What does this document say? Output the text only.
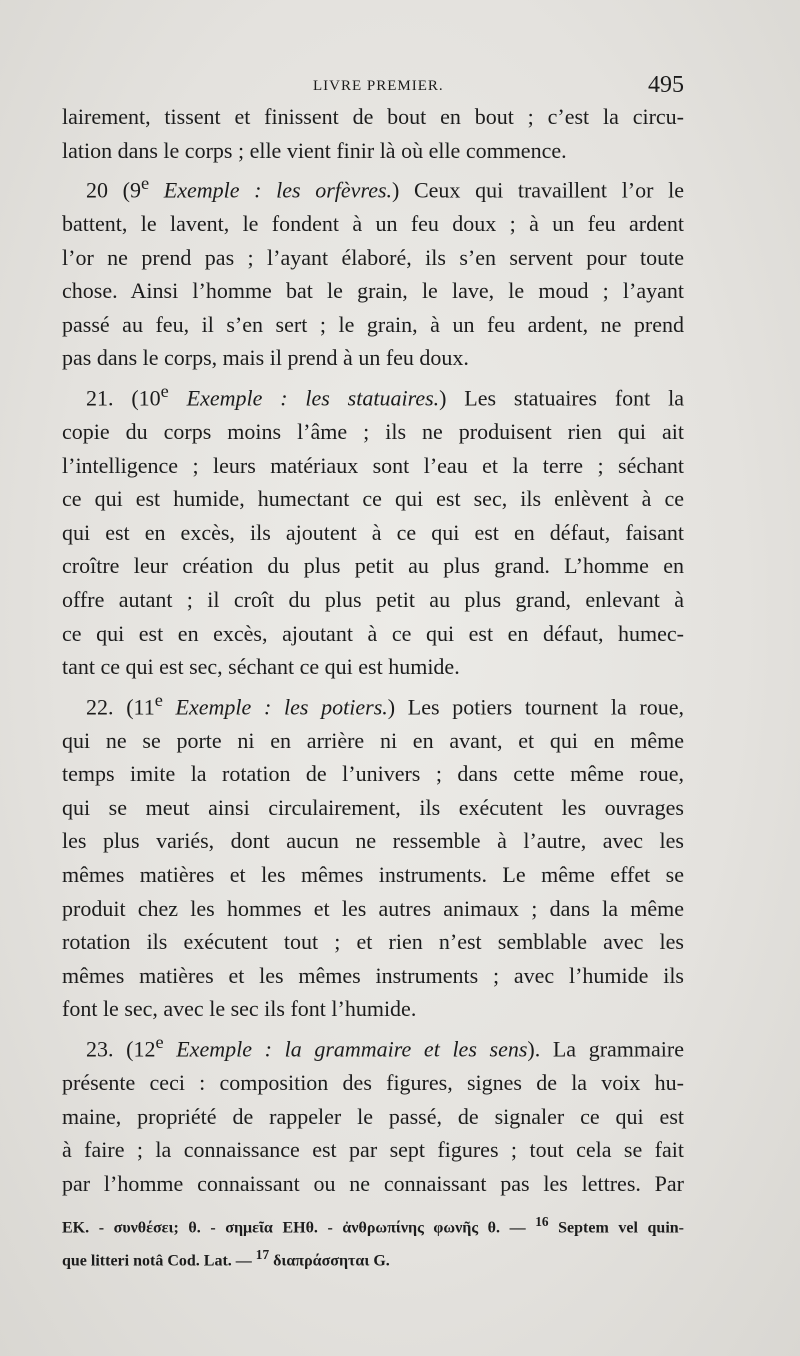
LIVRE PREMIER.	495
lairement, tissent et finissent de bout en bout ; c’est la circu-
lation dans le corps ; elle vient finir là où elle commence.
20 (9e Exemple : les orfèvres.) Ceux qui travaillent l’or le
battent, le lavent, le fondent à un feu doux ; à un feu ardent
l’or ne prend pas ; l’ayant élaboré, ils s’en servent pour toute
chose. Ainsi l’homme bat le grain, le lave, le moud ; l’ayant
passé au feu, il s’en sert ; le grain, à un feu ardent, ne prend
pas dans le corps, mais il prend à un feu doux.
21. (10e Exemple : les statuaires.) Les statuaires font la
copie du corps moins l’âme ; ils ne produisent rien qui ait
l’intelligence ; leurs matériaux sont l’eau et la terre ; séchant
ce qui est humide, humectant ce qui est sec, ils enlèvent à ce
qui est en excès, ils ajoutent à ce qui est en défaut, faisant
croître leur création du plus petit au plus grand. L’homme en
offre autant ; il croît du plus petit au plus grand, enlevant à
ce qui est en excès, ajoutant à ce qui est en défaut, humec-
tant ce qui est sec, séchant ce qui est humide.
22. (11e Exemple : les potiers.) Les potiers tournent la roue,
qui ne se porte ni en arrière ni en avant, et qui en même
temps imite la rotation de l’univers ; dans cette même roue,
qui se meut ainsi circulairement, ils exécutent les ouvrages
les plus variés, dont aucun ne ressemble à l’autre, avec les
mêmes matières et les mêmes instruments. Le même effet se
produit chez les hommes et les autres animaux ; dans la même
rotation ils exécutent tout ; et rien n’est semblable avec les
mêmes matières et les mêmes instruments ; avec l’humide ils
font le sec, avec le sec ils font l’humide.
23. (12e Exemple : la grammaire et les sens). La grammaire
présente ceci : composition des figures, signes de la voix hu-
maine, propriété de rappeler le passé, de signaler ce qui est
à faire ; la connaissance est par sept figures ; tout cela se fait
par l’homme connaissant ou ne connaissant pas les lettres. Par
EK. - συνθέσει; θ. - σημεῖα EHθ. - ἀνθρωπίνης φωνῆς θ. — $^{16}$ Septem vel quin-
que litteri notâ Cod. Lat. — $^{17}$ διαπράσσηται G.
